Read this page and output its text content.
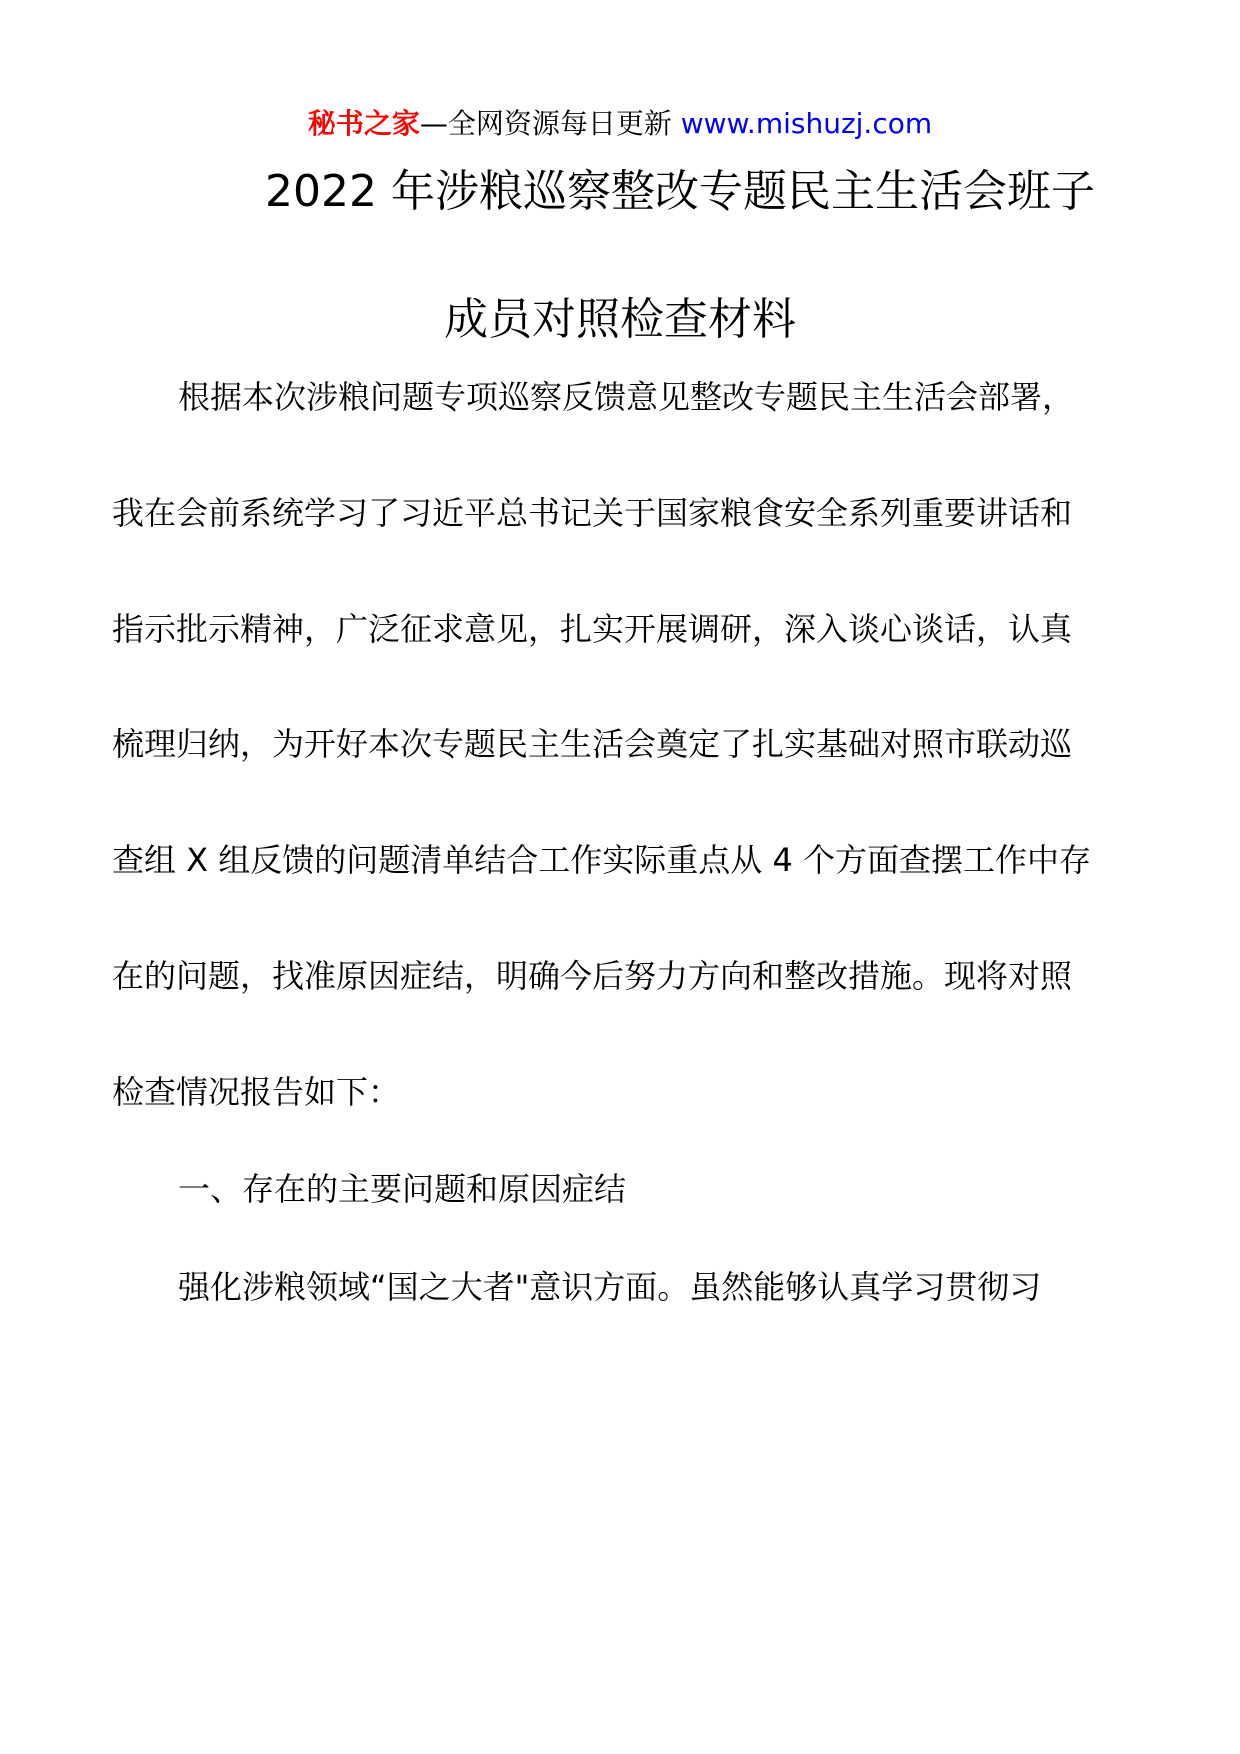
秘书之家—全网资源每日更新 www.mishuzj.com
2022 年涉粮巡察整改专题民主生活会班子
成员对照检查材料
根据本次涉粮问题专项巡察反馈意见整改专题民主生活会部署，
我在会前系统学习了习近平总书记关于国家粮食安全系列重要讲话和
指示批示精神，广泛征求意见，扎实开展调研，深入谈心谈话，认真
梳理归纳，为开好本次专题民主生活会奠定了扎实基础对照市联动巡
查组 X 组反馈的问题清单结合工作实际重点从 4 个方面查摆工作中存
在的问题，找准原因症结，明确今后努力方向和整改措施。现将对照
检查情况报告如下：
一、存在的主要问题和原因症结
强化涉粮领域“国之大者"意识方面。虽然能够认真学习贯彻习
